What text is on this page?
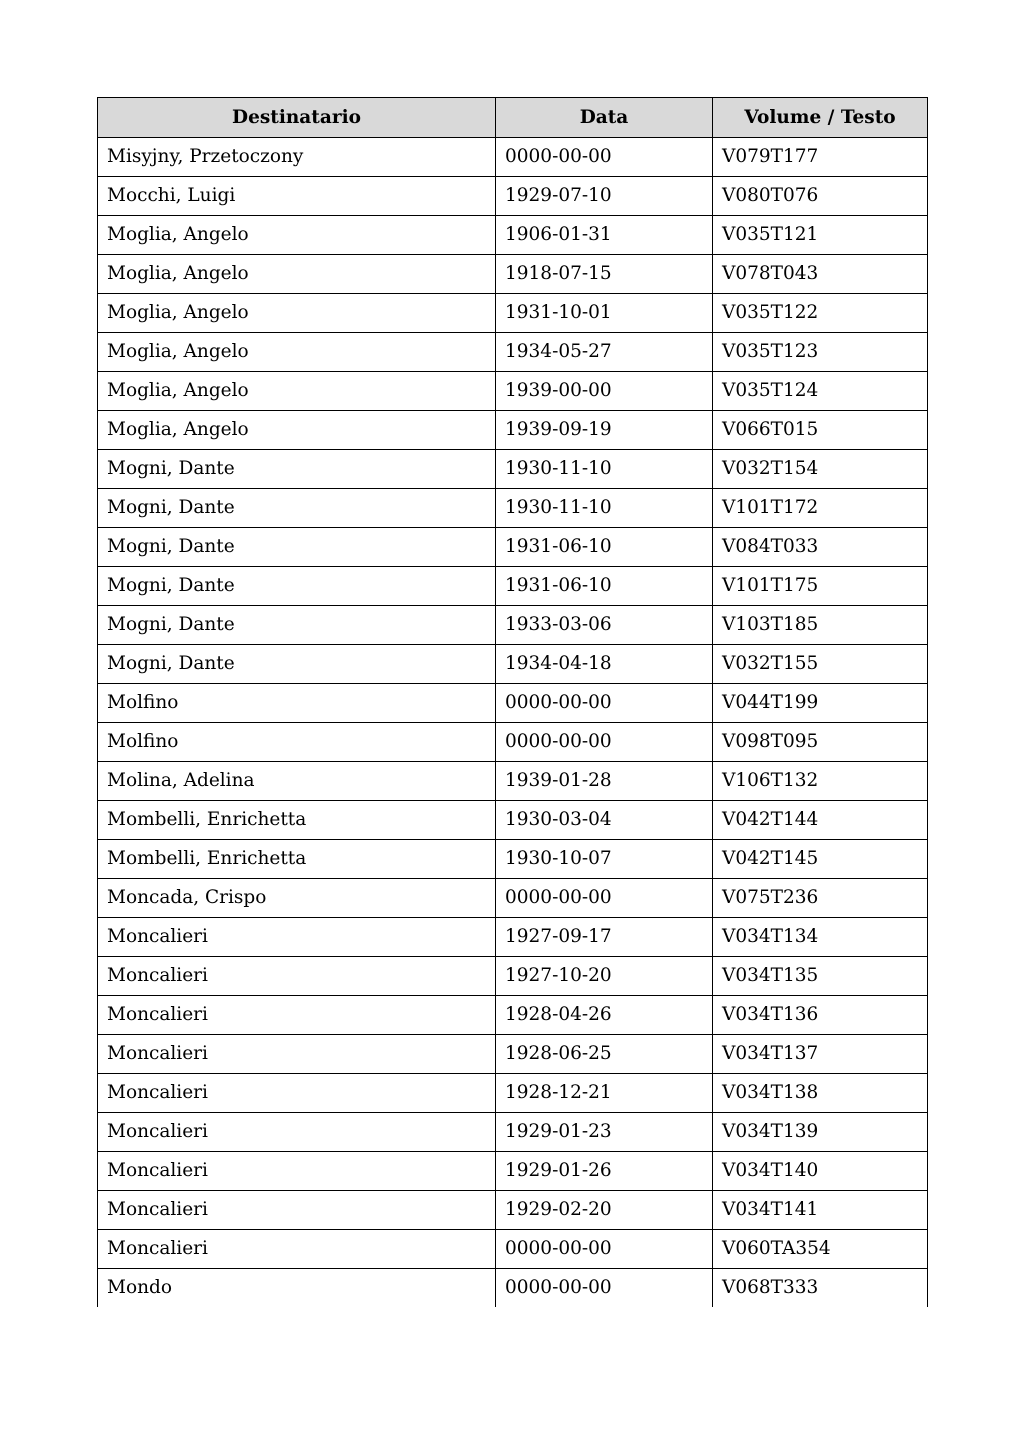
Destinatario	Data	Volume / Testo
Misyjny, Przetoczony	0000-00-00	V079T177
Mocchi, Luigi	1929-07-10	V080T076
Moglia, Angelo	1906-01-31	V035T121
Moglia, Angelo	1918-07-15	V078T043
Moglia, Angelo	1931-10-01	V035T122
Moglia, Angelo	1934-05-27	V035T123
Moglia, Angelo	1939-00-00	V035T124
Moglia, Angelo	1939-09-19	V066T015
Mogni, Dante	1930-11-10	V032T154
Mogni, Dante	1930-11-10	V101T172
Mogni, Dante	1931-06-10	V084T033
Mogni, Dante	1931-06-10	V101T175
Mogni, Dante	1933-03-06	V103T185
Mogni, Dante	1934-04-18	V032T155
Molfino	0000-00-00	V044T199
Molfino	0000-00-00	V098T095
Molina, Adelina	1939-01-28	V106T132
Mombelli, Enrichetta	1930-03-04	V042T144
Mombelli, Enrichetta	1930-10-07	V042T145
Moncada, Crispo	0000-00-00	V075T236
Moncalieri	1927-09-17	V034T134
Moncalieri	1927-10-20	V034T135
Moncalieri	1928-04-26	V034T136
Moncalieri	1928-06-25	V034T137
Moncalieri	1928-12-21	V034T138
Moncalieri	1929-01-23	V034T139
Moncalieri	1929-01-26	V034T140
Moncalieri	1929-02-20	V034T141
Moncalieri	0000-00-00	V060TA354
Mondo	0000-00-00	V068T333
